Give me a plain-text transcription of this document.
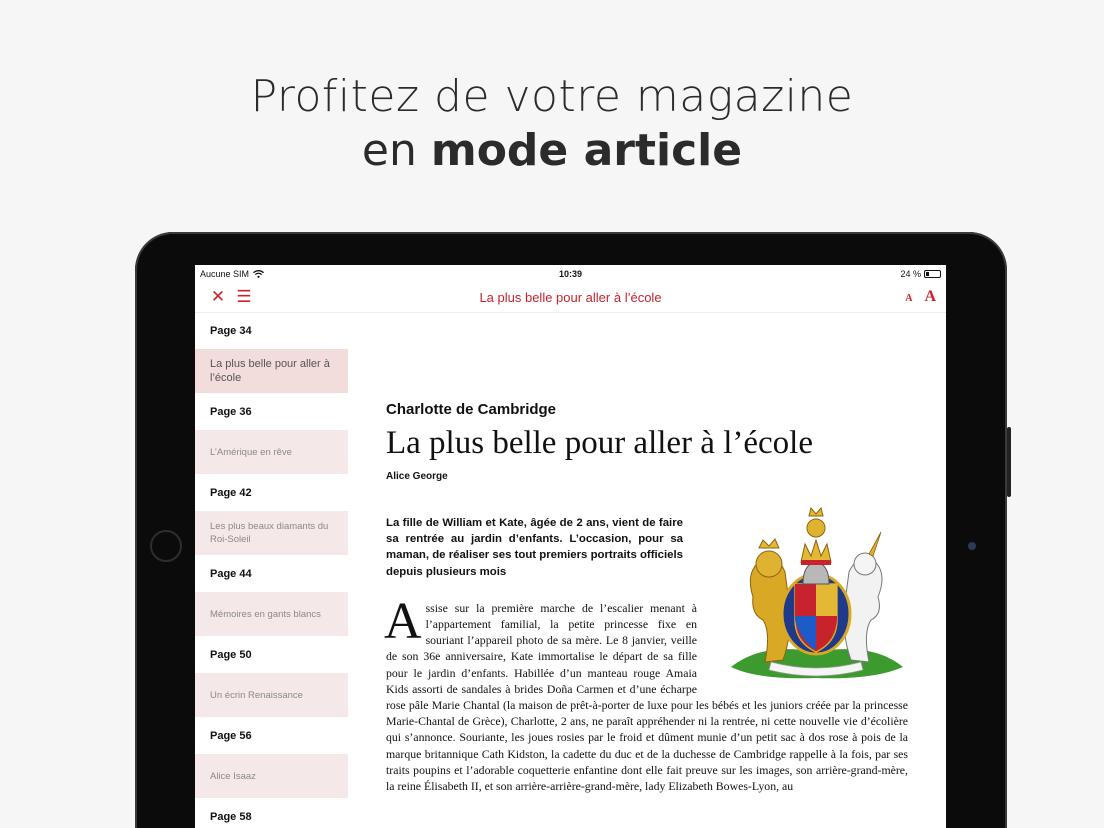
Profitez de votre magazine
en mode article
Aucune SIM	10:39	24 %
✕ ☰	La plus belle pour aller à l’école	A A
Page 34
La plus belle pour aller à l’école
Page 36
L’Amérique en rêve
Page 42
Les plus beaux diamants du Roi-Soleil
Page 44
Mémoires en gants blancs
Page 50
Un écrin Renaissance
Page 56
Alice Isaaz
Page 58
Charlotte de Cambridge
La plus belle pour aller à l’école
Alice George
La fille de William et Kate, âgée de 2 ans, vient de faire sa rentrée au jardin d’enfants. L’occasion, pour sa maman, de réaliser ses tout premiers portraits officiels depuis plusieurs mois
A ssise sur la première marche de l’escalier menant à l’appartement familial, la petite princesse fixe en souriant l’appareil photo de sa mère. Le 8 janvier, veille de son 36e anniversaire, Kate immortalise le départ de sa fille pour le jardin d’enfants. Habillée d’un manteau rouge Amaia Kids assorti de sandales à brides Doña Carmen et d’une écharpe rose pâle Marie Chantal (la maison de prêt-à-porter de luxe pour les bébés et les juniors créée par la princesse Marie-Chantal de Grèce), Charlotte, 2 ans, ne paraît appréhender ni la rentrée, ni cette nouvelle vie d’écolière qui s’annonce. Souriante, les joues rosies par le froid et dûment munie d’un petit sac à dos rose à pois de la marque britannique Cath Kidston, la cadette du duc et de la duchesse de Cambridge rappelle à la fois, par ses traits poupins et l’adorable coquetterie enfantine dont elle fait preuve sur les images, son arrière-grand-mère, la reine Élisabeth II, et son arrière-arrière-grand-mère, lady Elizabeth Bowes-Lyon, au
